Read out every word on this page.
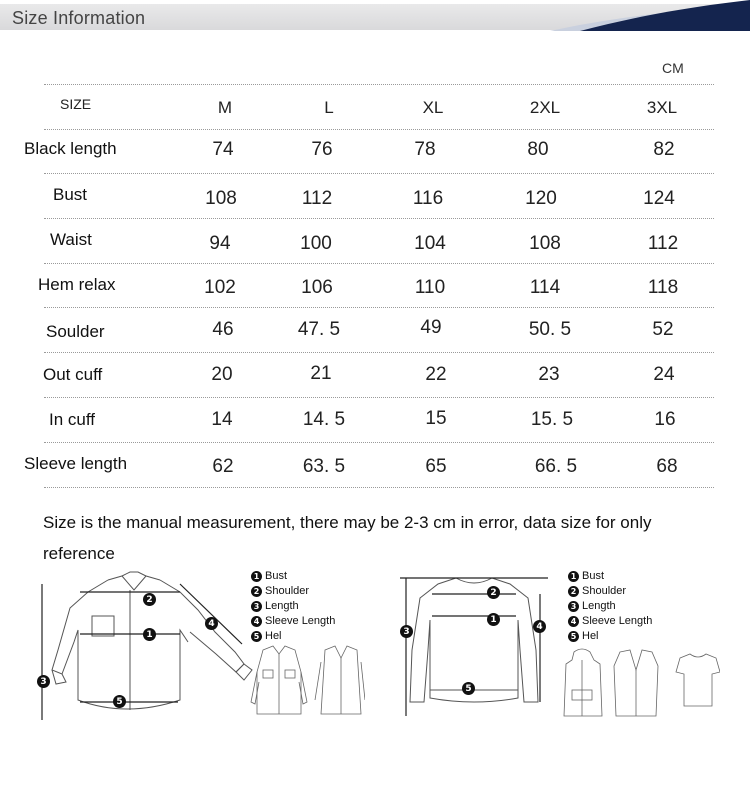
Size Information
CM
SIZE	M	L	XL	2XL	3XL
Black length	74	76	78	80	82
Bust	108	112	116	120	124
Waist	94	100	104	108	112
Hem relax	102	106	110	114	118
Soulder	46	47. 5	49	50. 5	52
Out cuff	20	21	22	23	24
In cuff	14	14. 5	15	15. 5	16
Sleeve length	62	63. 5	65	66. 5	68
Size is the manual measurement, there may be 2-3 cm in error, data size for only reference
2
1
3
4
5
1 Bust
2 Shoulder
3 Length
4 Sleeve Length
5 Hel
2
1
3	4
5
1 Bust
2 Shoulder
3 Length
4 Sleeve Length
5 Hel
